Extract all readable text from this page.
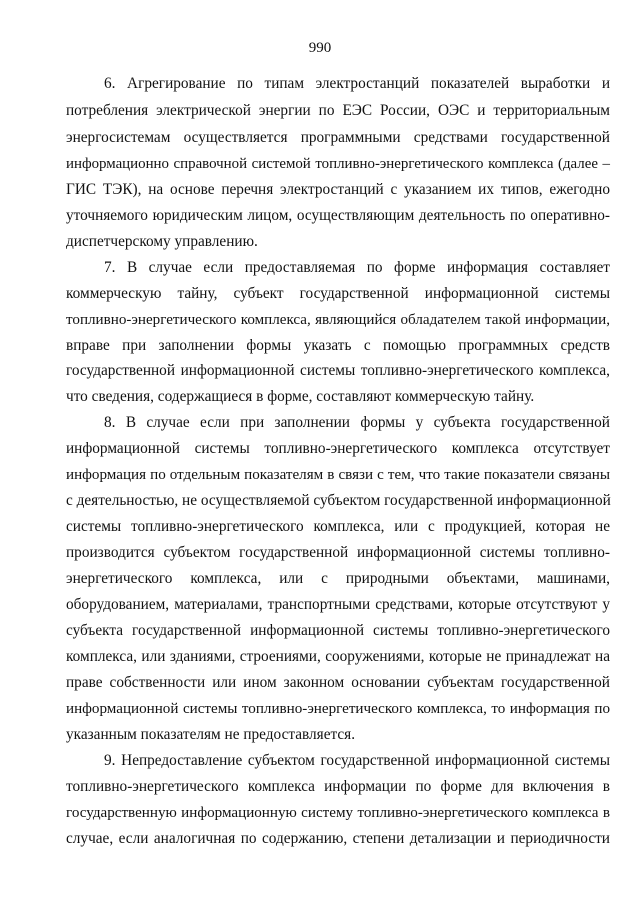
990
6. Агрегирование по типам электростанций показателей выработки и
потребления электрической энергии по ЕЭС России, ОЭС и территориальным
энергосистемам осуществляется программными средствами государственной
информационно справочной системой топливно-энергетического комплекса (далее –
ГИС ТЭК), на основе перечня электростанций с указанием их типов, ежегодно
уточняемого юридическим лицом, осуществляющим деятельность по оперативно-
диспетчерскому управлению.
7. В случае если предоставляемая по форме информация составляет
коммерческую тайну, субъект государственной информационной системы
топливно-энергетического комплекса, являющийся обладателем такой информации,
вправе при заполнении формы указать с помощью программных средств
государственной информационной системы топливно-энергетического комплекса,
что сведения, содержащиеся в форме, составляют коммерческую тайну.
8. В случае если при заполнении формы у субъекта государственной
информационной системы топливно-энергетического комплекса отсутствует
информация по отдельным показателям в связи с тем, что такие показатели связаны
с деятельностью, не осуществляемой субъектом государственной информационной
системы топливно-энергетического комплекса, или с продукцией, которая не
производится субъектом государственной информационной системы топливно-
энергетического комплекса, или с природными объектами, машинами,
оборудованием, материалами, транспортными средствами, которые отсутствуют у
субъекта государственной информационной системы топливно-энергетического
комплекса, или зданиями, строениями, сооружениями, которые не принадлежат на
праве собственности или ином законном основании субъектам государственной
информационной системы топливно-энергетического комплекса, то информация по
указанным показателям не предоставляется.
9. Непредоставление субъектом государственной информационной системы
топливно-энергетического комплекса информации по форме для включения в
государственную информационную систему топливно-энергетического комплекса в
случае, если аналогичная по содержанию, степени детализации и периодичности
